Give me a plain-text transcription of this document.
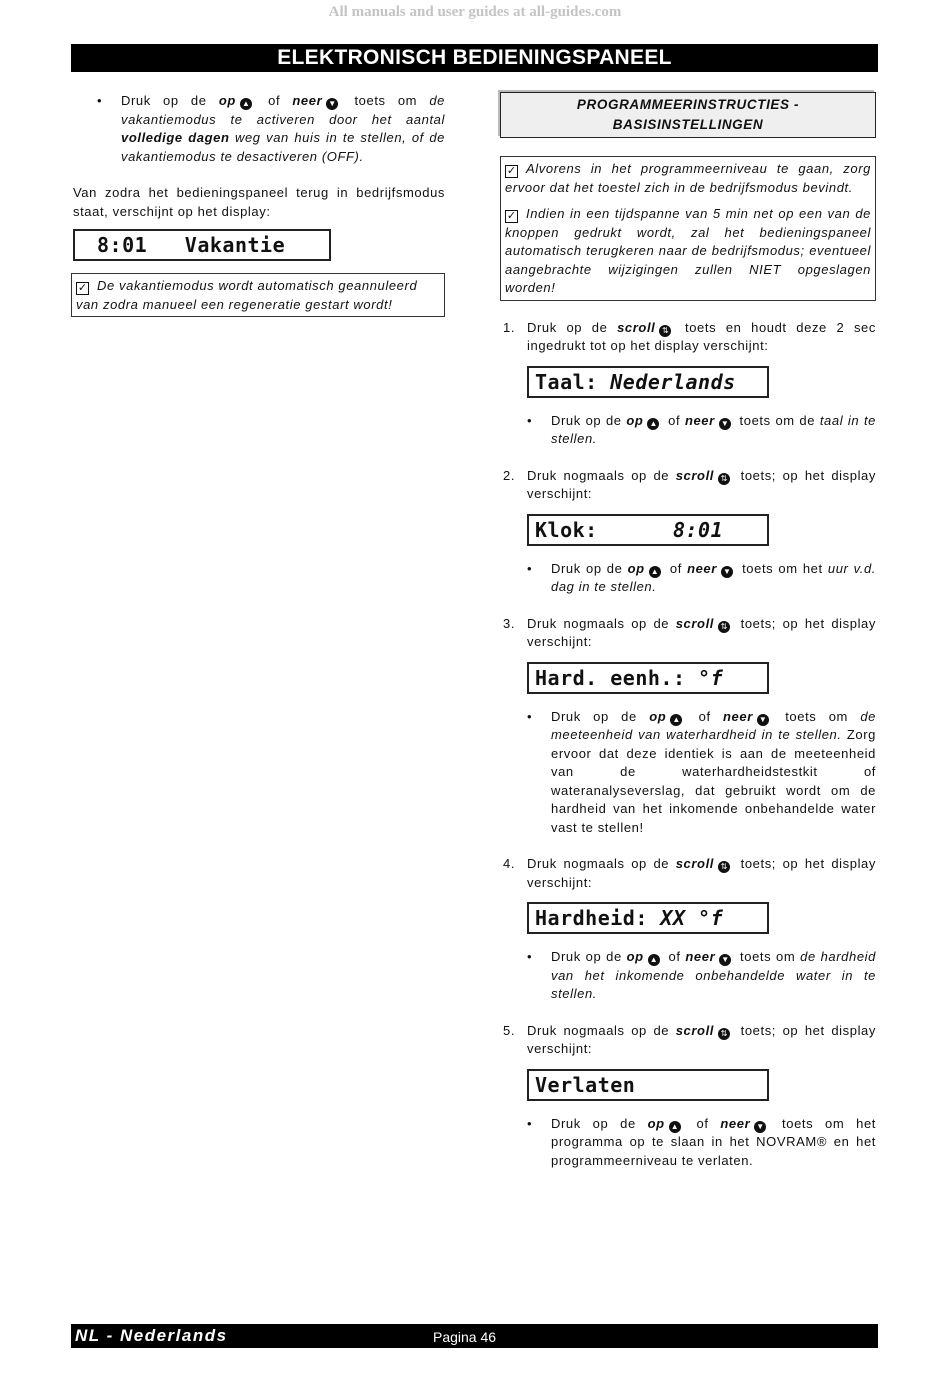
All manuals and user guides at all-guides.com
ELEKTRONISCH BEDIENINGSPANEEL
• Druk op de op ▲ of neer ▼ toets om de vakantiemodus te activeren door het aantal volledige dagen weg van huis in te stellen, of de vakantiemodus te desactiveren (OFF).
Van zodra het bedieningspaneel terug in bedrijfsmodus staat, verschijnt op het display:
8:01 Vakantie
✓ De vakantiemodus wordt automatisch geannuleerd van zodra manueel een regeneratie gestart wordt!
PROGRAMMEERINSTRUCTIES -
BASISINSTELLINGEN
✓ Alvorens in het programmeerniveau te gaan, zorg ervoor dat het toestel zich in de bedrijfsmodus bevindt.
✓ Indien in een tijdspanne van 5 min net op een van de knoppen gedrukt wordt, zal het bedieningspaneel automatisch terugkeren naar de bedrijfsmodus; eventueel aangebrachte wijzigingen zullen NIET opgeslagen worden!
1. Druk op de scroll ⇅ toets en houdt deze 2 sec ingedrukt tot op het display verschijnt:
Taal: Nederlands
• Druk op de op ▲ of neer ▼ toets om de taal in te stellen.
2. Druk nogmaals op de scroll ⇅ toets; op het display verschijnt:
Klok:	8:01
• Druk op de op ▲ of neer ▼ toets om het uur v.d. dag in te stellen.
3. Druk nogmaals op de scroll ⇅ toets; op het display verschijnt:
Hard. eenh.: °f
• Druk op de op ▲ of neer ▼ toets om de meeteenheid van waterhardheid in te stellen. Zorg ervoor dat deze identiek is aan de meeteenheid van de waterhardheidstestkit of wateranalyseverslag, dat gebruikt wordt om de hardheid van het inkomende onbehandelde water vast te stellen!
4. Druk nogmaals op de scroll ⇅ toets; op het display verschijnt:
Hardheid: XX °f
• Druk op de op ▲ of neer ▼ toets om de hardheid van het inkomende onbehandelde water in te stellen.
5. Druk nogmaals op de scroll ⇅ toets; op het display verschijnt:
Verlaten
• Druk op de op ▲ of neer ▼ toets om het programma op te slaan in het NOVRAM® en het programmeerniveau te verlaten.
NL - Nederlands	Pagina 46
